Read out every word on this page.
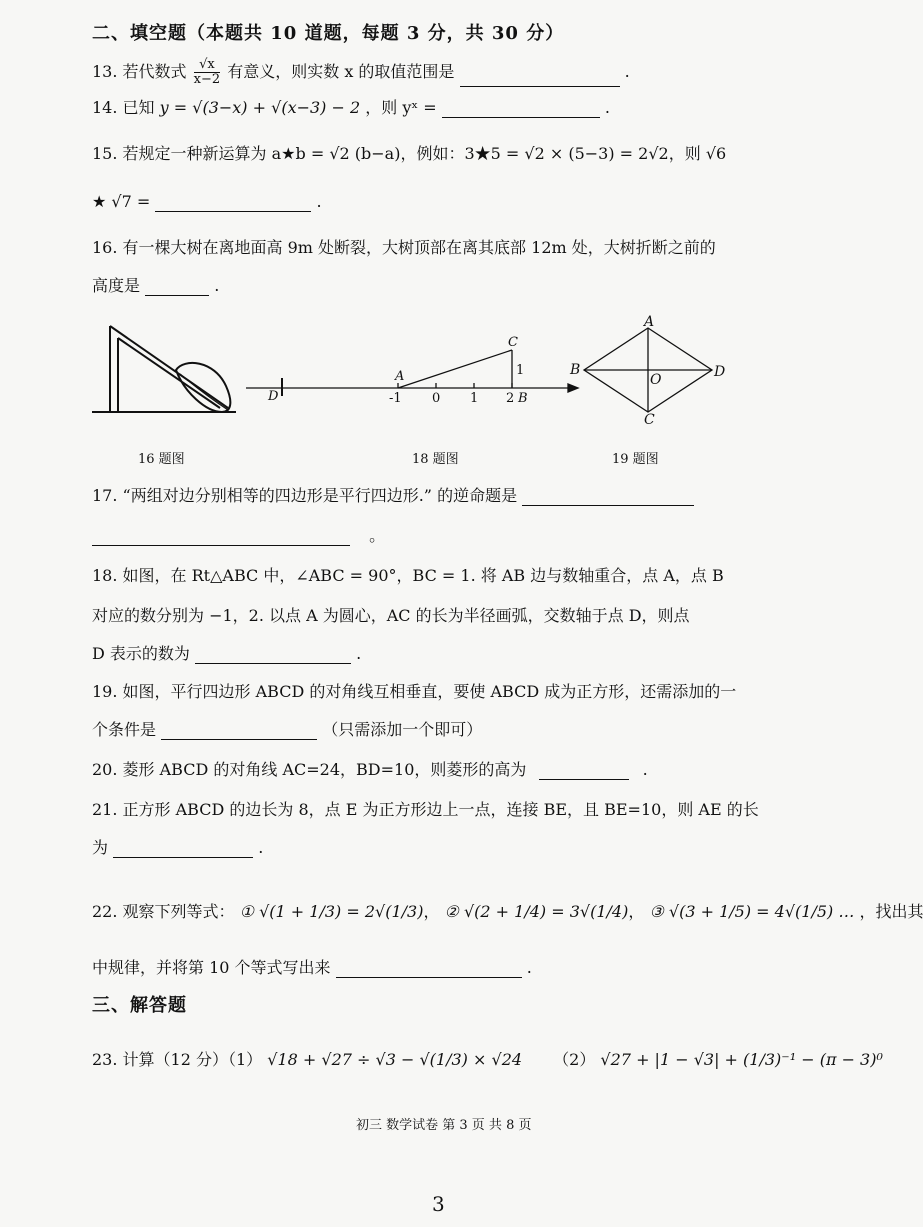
二、填空题（本题共 10 道题，每题 3 分，共 30 分）
13. 若代数式 $\frac{√x}{x-2}$ 有意义，则实数 x 的取值范围是	.
14. 已知 y = √(3−x) + √(x−3) − 2 ，则 yˣ =	.
15. 若规定一种新运算为 a★b = √2 (b−a)，例如：3★5 = √2 × (5−3) = 2√2，则 √6
★ √7 =	.
16. 有一棵大树在离地面高 9m 处断裂，大树顶部在离其底部 12m 处，大树折断之前的
高度是	.
D
A
C
1
-1 0 1 2 B
A
B
C
D
O
16 题图	18 题图	19 题图
17. “两组对边分别相等的四边形是平行四边形.” 的逆命题是
。
18. 如图，在 Rt△ABC 中，∠ABC = 90°，BC = 1. 将 AB 边与数轴重合，点 A，点 B
对应的数分别为 −1，2. 以点 A 为圆心，AC 的长为半径画弧，交数轴于点 D，则点
D 表示的数为	.
19. 如图，平行四边形 ABCD 的对角线互相垂直，要使 ABCD 成为正方形，还需添加的一
个条件是	（只需添加一个即可）
20. 菱形 ABCD 的对角线 AC=24，BD=10，则菱形的高为	.
21. 正方形 ABCD 的边长为 8，点 E 为正方形边上一点，连接 BE，且 BE=10，则 AE 的长
为	.
22. 观察下列等式： ① √(1 + 1/3) = 2√(1/3)， ② √(2 + 1/4) = 3√(1/4)， ③ √(3 + 1/5) = 4√(1/5) … ，找出其
中规律，并将第 10 个等式写出来	.
三、解答题
23. 计算（12 分）（1） √18 + √27 ÷ √3 − √(1/3) × √24 （2） √27 + |1 − √3| + (1/3)⁻¹ − (π − 3)⁰
初三 数学试卷 第 3 页 共 8 页
3
